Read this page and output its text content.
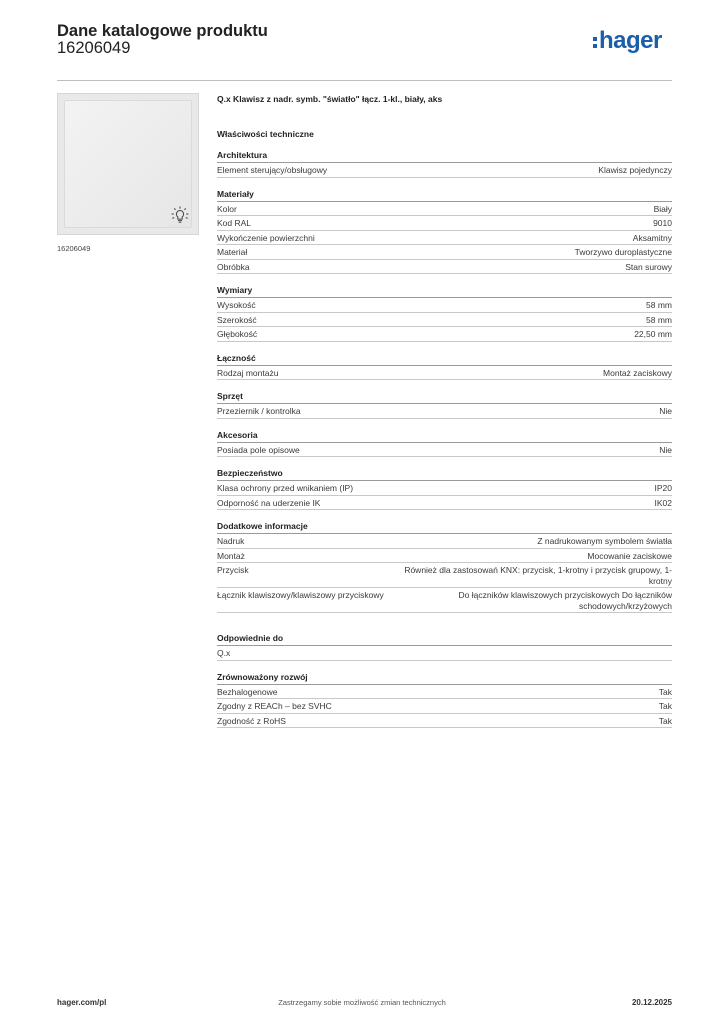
Dane katalogowe produktu
16206049	hager
16206049
Q.x Klawisz z nadr. symb. "światło" łącz. 1-kl., biały, aks
Właściwości techniczne
Architektura
Element sterujący/obsługowy	Klawisz pojedynczy
Materiały
Kolor	Biały
Kod RAL	9010
Wykończenie powierzchni	Aksamitny
Materiał	Tworzywo duroplastyczne
Obróbka	Stan surowy
Wymiary
Wysokość	58 mm
Szerokość	58 mm
Głębokość	22,50 mm
Łączność
Rodzaj montażu	Montaż zaciskowy
Sprzęt
Przeziernik / kontrolka	Nie
Akcesoria
Posiada pole opisowe	Nie
Bezpieczeństwo
Klasa ochrony przed wnikaniem (IP)	IP20
Odporność na uderzenie IK	IK02
Dodatkowe informacje
Nadruk	Z nadrukowanym symbolem światła
Montaż	Mocowanie zaciskowe
Przycisk	Również dla zastosowań KNX: przycisk, 1-krotny i przycisk grupowy, 1-krotny
Łącznik klawiszowy/klawiszowy przyciskowy	Do łączników klawiszowych przyciskowych Do łączników schodowych/krzyżowych
Odpowiednie do
Q.x
Zrównoważony rozwój
Bezhalogenowe	Tak
Zgodny z REACh – bez SVHC	Tak
Zgodność z RoHS	Tak
hager.com/pl	Zastrzegamy sobie możliwość zmian technicznych	20.12.2025
